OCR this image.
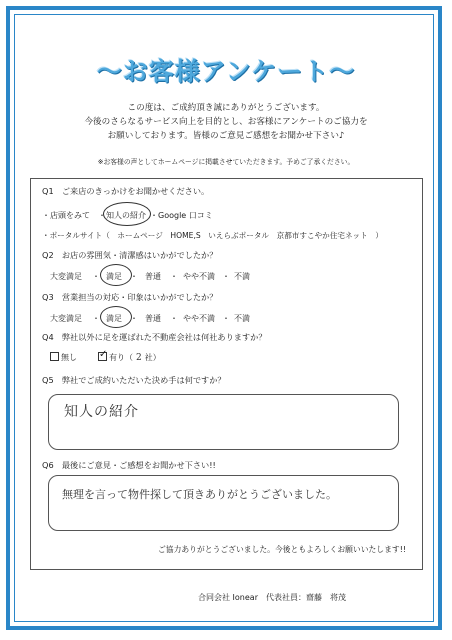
～お客様アンケート～
この度は、ご成約頂き誠にありがとうございます。
今後のさらなるサービス向上を目的とし、お客様にアンケートのご協力を
お願いしております。皆様のご意見ご感想をお聞かせ下さい♪
※お客様の声としてホームページに掲載させていただきます。予めご了承ください。
Q1　ご来店のきっかけをお聞かせください。
・店頭をみて ・知人の紹介 ・Google 口コミ
・ポータルサイト（　ホームページ　HOME,S　いえらぶポータル　京都市すこやか住宅ネット　）
Q2　お店の雰囲気・清潔感はいかがでしたか？
大変満足 ・ 満足 ・ 普通 ・ やや不満 ・ 不満
Q3　営業担当の対応・印象はいかがでしたか？
大変満足 ・ 満足 ・ 普通 ・ やや不満 ・ 不満
Q4　弊社以外に足を運ばれた不動産会社は何社ありますか？
無し ✓ 有り（ 2 社）
Q5　弊社でご成約いただいた決め手は何ですか？
知人の紹介
Q6　最後にご意見・ご感想をお聞かせ下さい!!
無理を言って物件探して頂きありがとうございました。
ご協力ありがとうございました。今後ともよろしくお願いいたします!!
合同会社 Ionear　代表社員：齋藤　将茂
